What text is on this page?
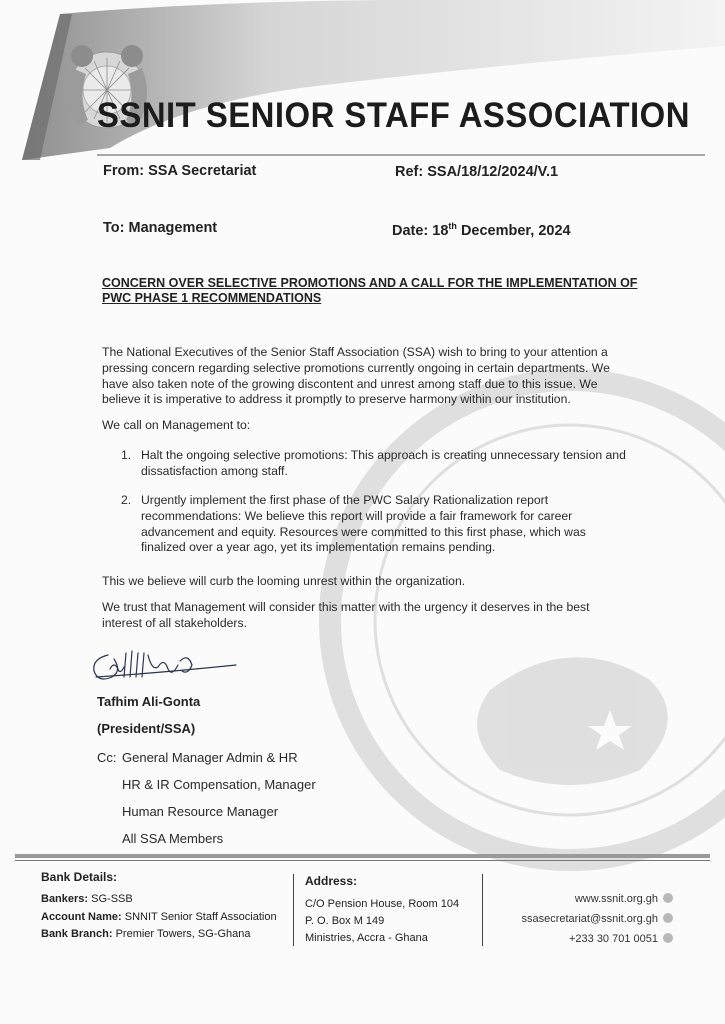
SSNIT SENIOR STAFF ASSOCIATION
From: SSA Secretariat	Ref: SSA/18/12/2024/V.1
To: Management	Date: 18th December, 2024
CONCERN OVER SELECTIVE PROMOTIONS AND A CALL FOR THE IMPLEMENTATION OF PWC PHASE 1 RECOMMENDATIONS
The National Executives of the Senior Staff Association (SSA) wish to bring to your attention a pressing concern regarding selective promotions currently ongoing in certain departments. We have also taken note of the growing discontent and unrest among staff due to this issue. We believe it is imperative to address it promptly to preserve harmony within our institution.
We call on Management to:
1. Halt the ongoing selective promotions: This approach is creating unnecessary tension and dissatisfaction among staff.
2. Urgently implement the first phase of the PWC Salary Rationalization report recommendations: We believe this report will provide a fair framework for career advancement and equity. Resources were committed to this first phase, which was finalized over a year ago, yet its implementation remains pending.
This we believe will curb the looming unrest within the organization.
We trust that Management will consider this matter with the urgency it deserves in the best interest of all stakeholders.
Tafhim Ali-Gonta
(President/SSA)
Cc: General Manager Admin & HR
HR & IR Compensation, Manager
Human Resource Manager
All SSA Members
Bank Details:
Bankers: SG-SSB
Account Name: SNNIT Senior Staff Association
Bank Branch: Premier Towers, SG-Ghana
Address:
C/O Pension House, Room 104
P. O. Box M 149
Ministries, Accra - Ghana
www.ssnit.org.gh
ssasecretariat@ssnit.org.gh
+233 30 701 0051
